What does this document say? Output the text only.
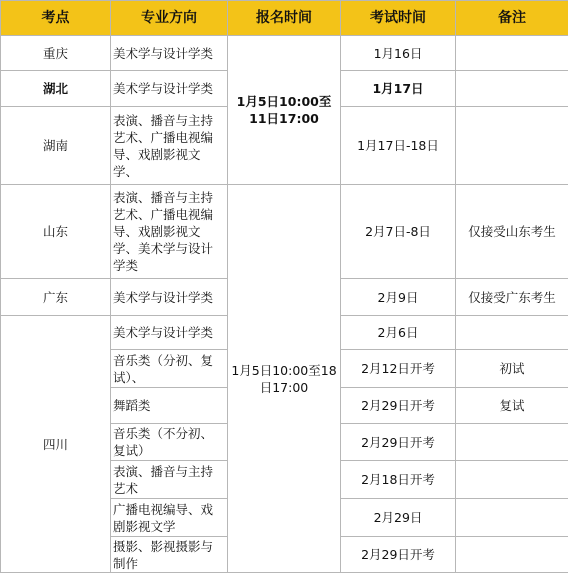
考点	专业方向	报名时间	考试时间	备注
重庆	美术学与设计学类	1月5日10:00至11日17:00	1月16日	
湖北	美术学与设计学类		1月17日	
湖南	表演、播音与主持艺术、广播电视编导、戏剧影视文学、		1月17日-18日	
山东	表演、播音与主持艺术、广播电视编导、戏剧影视文学、美术学与设计学类	1月5日10:00至18日17:00	2月7日-8日	仅接受山东考生
广东	美术学与设计学类		2月9日	仅接受广东考生
四川	美术学与设计学类		2月6日	
	音乐类（分初、复试）、		2月12日开考	初试
	舞蹈类		2月29日开考	复试
	音乐类（不分初、复试）		2月29日开考	
	表演、播音与主持艺术		2月18日开考	
	广播电视编导、戏剧影视文学		2月29日	
	摄影、影视摄影与制作		2月29日开考	
